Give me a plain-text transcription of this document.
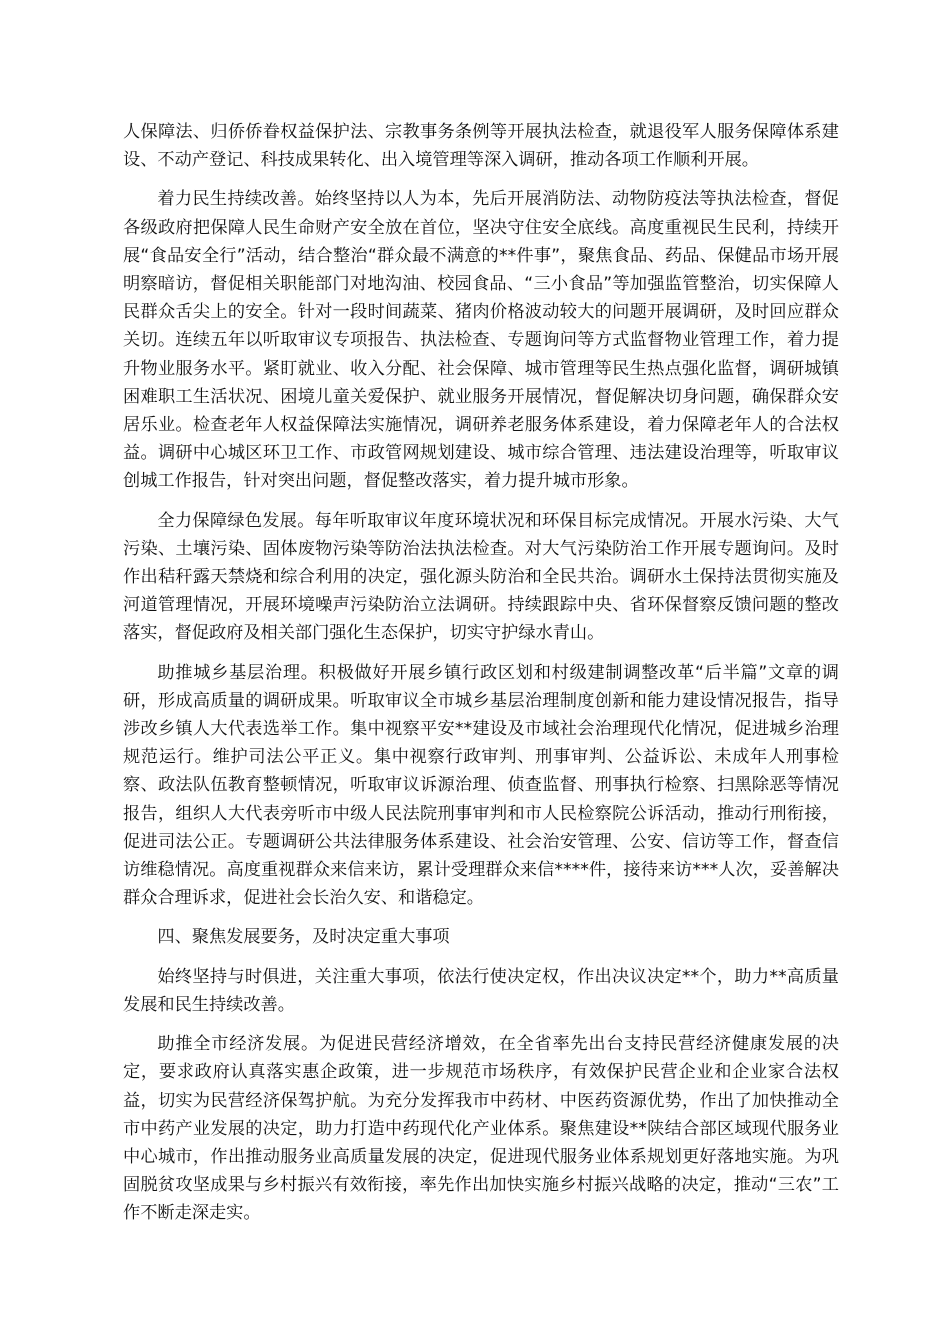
人保障法、归侨侨眷权益保护法、宗教事务条例等开展执法检查，就退役军人服务保障体系建设、不动产登记、科技成果转化、出入境管理等深入调研，推动各项工作顺利开展。

着力民生持续改善。始终坚持以人为本，先后开展消防法、动物防疫法等执法检查，督促各级政府把保障人民生命财产安全放在首位，坚决守住安全底线。高度重视民生民利，持续开展“食品安全行”活动，结合整治“群众最不满意的**件事”，聚焦食品、药品、保健品市场开展明察暗访，督促相关职能部门对地沟油、校园食品、“三小食品”等加强监管整治，切实保障人民群众舌尖上的安全。针对一段时间蔬菜、猪肉价格波动较大的问题开展调研，及时回应群众关切。连续五年以听取审议专项报告、执法检查、专题询问等方式监督物业管理工作，着力提升物业服务水平。紧盯就业、收入分配、社会保障、城市管理等民生热点强化监督，调研城镇困难职工生活状况、困境儿童关爱保护、就业服务开展情况，督促解决切身问题，确保群众安居乐业。检查老年人权益保障法实施情况，调研养老服务体系建设，着力保障老年人的合法权益。调研中心城区环卫工作、市政管网规划建设、城市综合管理、违法建设治理等，听取审议创城工作报告，针对突出问题，督促整改落实，着力提升城市形象。

全力保障绿色发展。每年听取审议年度环境状况和环保目标完成情况。开展水污染、大气污染、土壤污染、固体废物污染等防治法执法检查。对大气污染防治工作开展专题询问。及时作出秸秆露天禁烧和综合利用的决定，强化源头防治和全民共治。调研水土保持法贯彻实施及河道管理情况，开展环境噪声污染防治立法调研。持续跟踪中央、省环保督察反馈问题的整改落实，督促政府及相关部门强化生态保护，切实守护绿水青山。

助推城乡基层治理。积极做好开展乡镇行政区划和村级建制调整改革“后半篇”文章的调研，形成高质量的调研成果。听取审议全市城乡基层治理制度创新和能力建设情况报告，指导涉改乡镇人大代表选举工作。集中视察平安**建设及市域社会治理现代化情况，促进城乡治理规范运行。维护司法公平正义。集中视察行政审判、刑事审判、公益诉讼、未成年人刑事检察、政法队伍教育整顿情况，听取审议诉源治理、侦查监督、刑事执行检察、扫黑除恶等情况报告，组织人大代表旁听市中级人民法院刑事审判和市人民检察院公诉活动，推动行刑衔接，促进司法公正。专题调研公共法律服务体系建设、社会治安管理、公安、信访等工作，督查信访维稳情况。高度重视群众来信来访，累计受理群众来信****件，接待来访***人次，妥善解决群众合理诉求，促进社会长治久安、和谐稳定。

四、聚焦发展要务，及时决定重大事项

始终坚持与时俱进，关注重大事项，依法行使决定权，作出决议决定**个，助力**高质量发展和民生持续改善。

助推全市经济发展。为促进民营经济增效，在全省率先出台支持民营经济健康发展的决定，要求政府认真落实惠企政策，进一步规范市场秩序，有效保护民营企业和企业家合法权益，切实为民营经济保驾护航。为充分发挥我市中药材、中医药资源优势，作出了加快推动全市中药产业发展的决定，助力打造中药现代化产业体系。聚焦建设**陕结合部区域现代服务业中心城市，作出推动服务业高质量发展的决定，促进现代服务业体系规划更好落地实施。为巩固脱贫攻坚成果与乡村振兴有效衔接，率先作出加快实施乡村振兴战略的决定，推动“三农”工作不断走深走实。
